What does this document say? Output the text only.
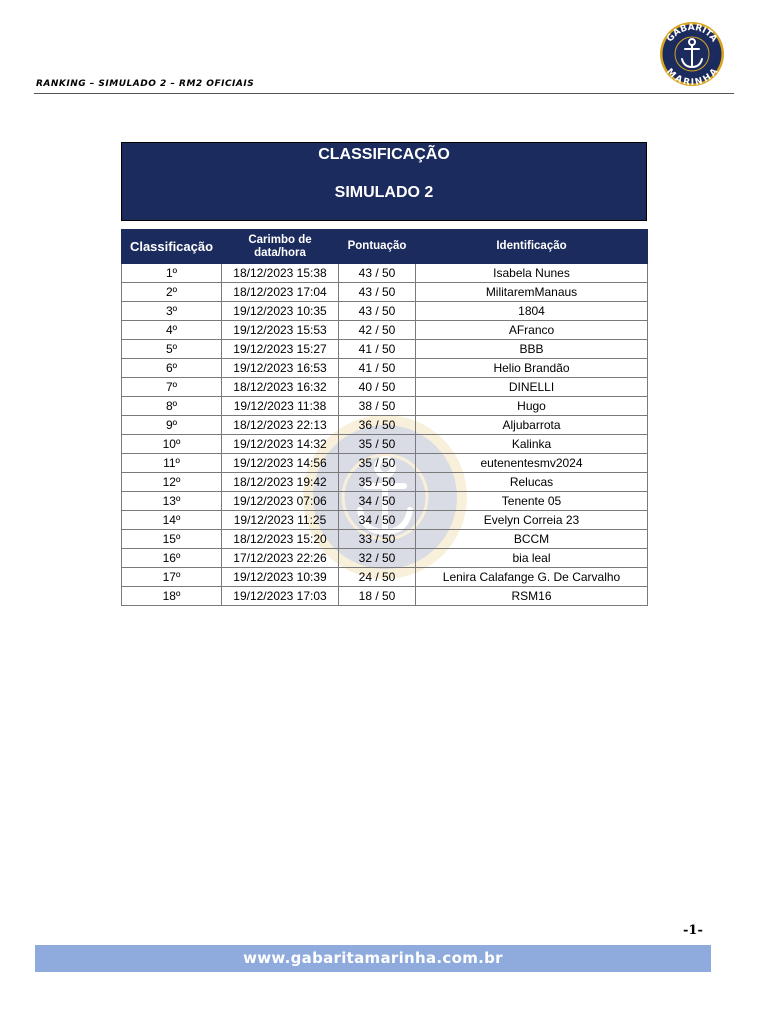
RANKING – SIMULADO 2 – RM2 OFICIAIS
GABARITA
MARINHA
CLASSIFICAÇÃO
SIMULADO 2
Classificação	Carimbo de data/hora	Pontuação	Identificação
1º	18/12/2023 15:38	43 / 50	Isabela Nunes
2º	18/12/2023 17:04	43 / 50	MilitaremManaus
3º	19/12/2023 10:35	43 / 50	1804
4º	19/12/2023 15:53	42 / 50	AFranco
5º	19/12/2023 15:27	41 / 50	BBB
6º	19/12/2023 16:53	41 / 50	Helio Brandão
7º	18/12/2023 16:32	40 / 50	DINELLI
8º	19/12/2023 11:38	38 / 50	Hugo
9º	18/12/2023 22:13	36 / 50	Aljubarrota
10º	19/12/2023 14:32	35 / 50	Kalinka
11º	19/12/2023 14:56	35 / 50	eutenentesmv2024
12º	18/12/2023 19:42	35 / 50	Relucas
13º	19/12/2023 07:06	34 / 50	Tenente 05
14º	19/12/2023 11:25	34 / 50	Evelyn Correia 23
15º	18/12/2023 15:20	33 / 50	BCCM
16º	17/12/2023 22:26	32 / 50	bia leal
17º	19/12/2023 10:39	24 / 50	Lenira Calafange G. De Carvalho
18º	19/12/2023 17:03	18 / 50	RSM16
-1-
www.gabaritamarinha.com.br
